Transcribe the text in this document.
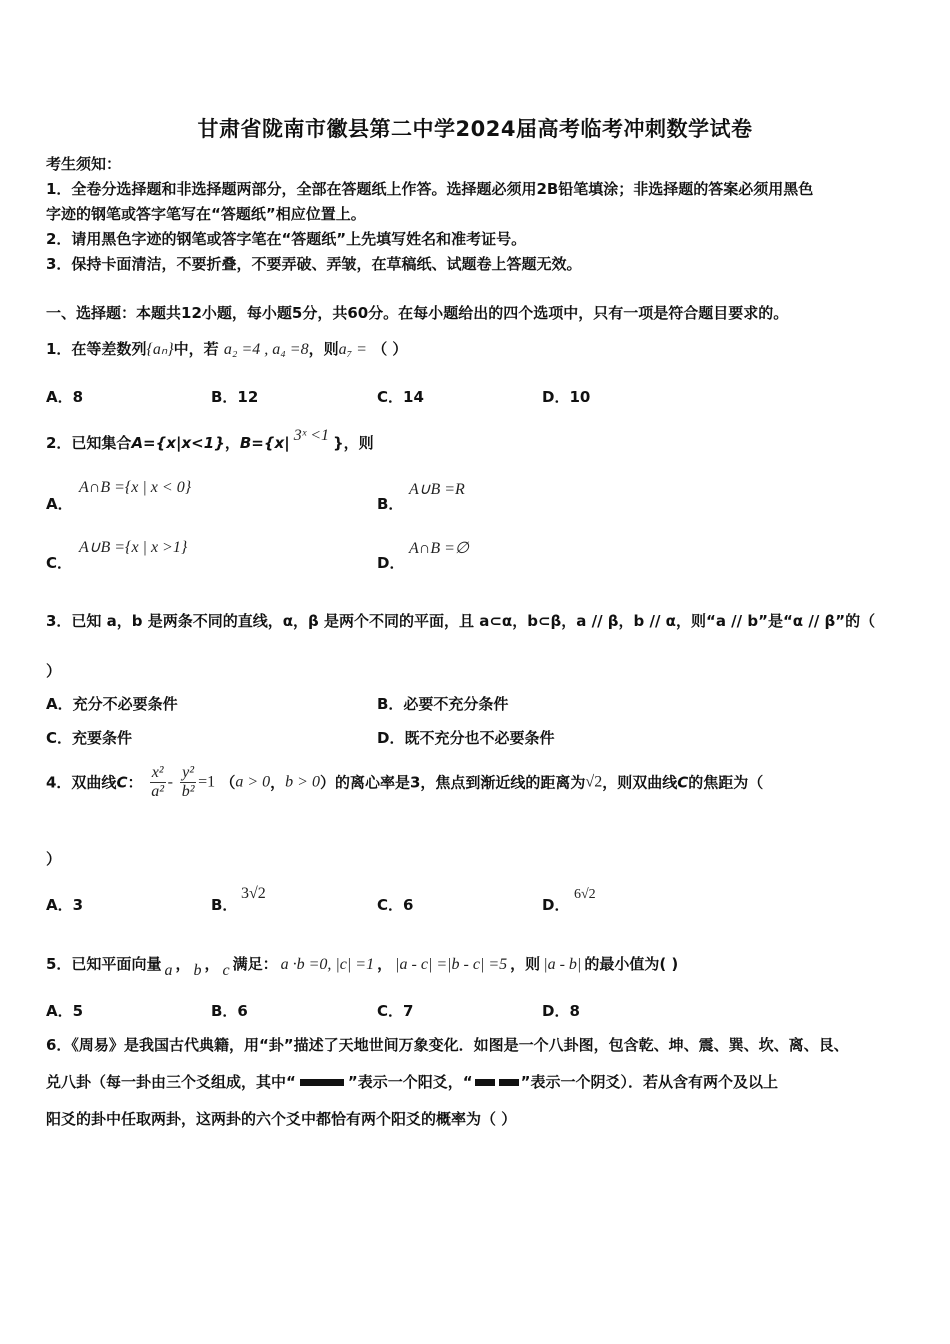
甘肃省陇南市徽县第二中学2024届高考临考冲刺数学试卷
考生须知：
1．全卷分选择题和非选择题两部分，全部在答题纸上作答。选择题必须用2B铅笔填涂；非选择题的答案必须用黑色
字迹的钢笔或答字笔写在“答题纸”相应位置上。
2．请用黑色字迹的钢笔或答字笔在“答题纸”上先填写姓名和准考证号。
3．保持卡面清洁，不要折叠，不要弄破、弄皱，在草稿纸、试题卷上答题无效。
一、选择题：本题共12小题，每小题5分，共60分。在每小题给出的四个选项中，只有一项是符合题目要求的。
1．在等差数列{aₙ}中，若 a₂ =4 , a₄ =8，则a₇ = （ ）
A．8	B．12	C．14	D．10
2．已知集合A={x|x<1}，B={x| 3ˣ <1 }，则
A．
A∩B ={x | x < 0}
B．
A∪B =R
C．
A∪B ={x | x >1}
D．
A∩B =∅
3．已知 a，b 是两条不同的直线，α，β 是两个不同的平面，且 a⊂α，b⊂β，a // β，b // α，则“a // b”是“α // β”的（
）
A．充分不必要条件	B．必要不充分条件
C．充要条件	D．既不充分也不必要条件
4．双曲线C： $\frac{\text{x²}}{\text{a²}} - \frac{\text{y²}}{\text{b²}} =1$ （a > 0，b > 0）的离心率是3，焦点到渐近线的距离为√2，则双曲线C的焦距为（
）
A．3	B．
3√2
C．6	D．
6√2
5．已知平面向量 a ， b ， c 满足： a ·b =0, |c| =1 ， |a - c| =|b - c| =5 ，则 |a - b| 的最小值为( )
A．5	B．6	C．7	D．8
6．《周易》是我国古代典籍，用“卦”描述了天地世间万象变化．如图是一个八卦图，包含乾、坤、震、巽、坎、离、艮、
兑八卦（每一卦由三个爻组成，其中“	”表示一个阳爻，“	”表示一个阴爻）．若从含有两个及以上
阳爻的卦中任取两卦，这两卦的六个爻中都恰有两个阳爻的概率为（ ）
